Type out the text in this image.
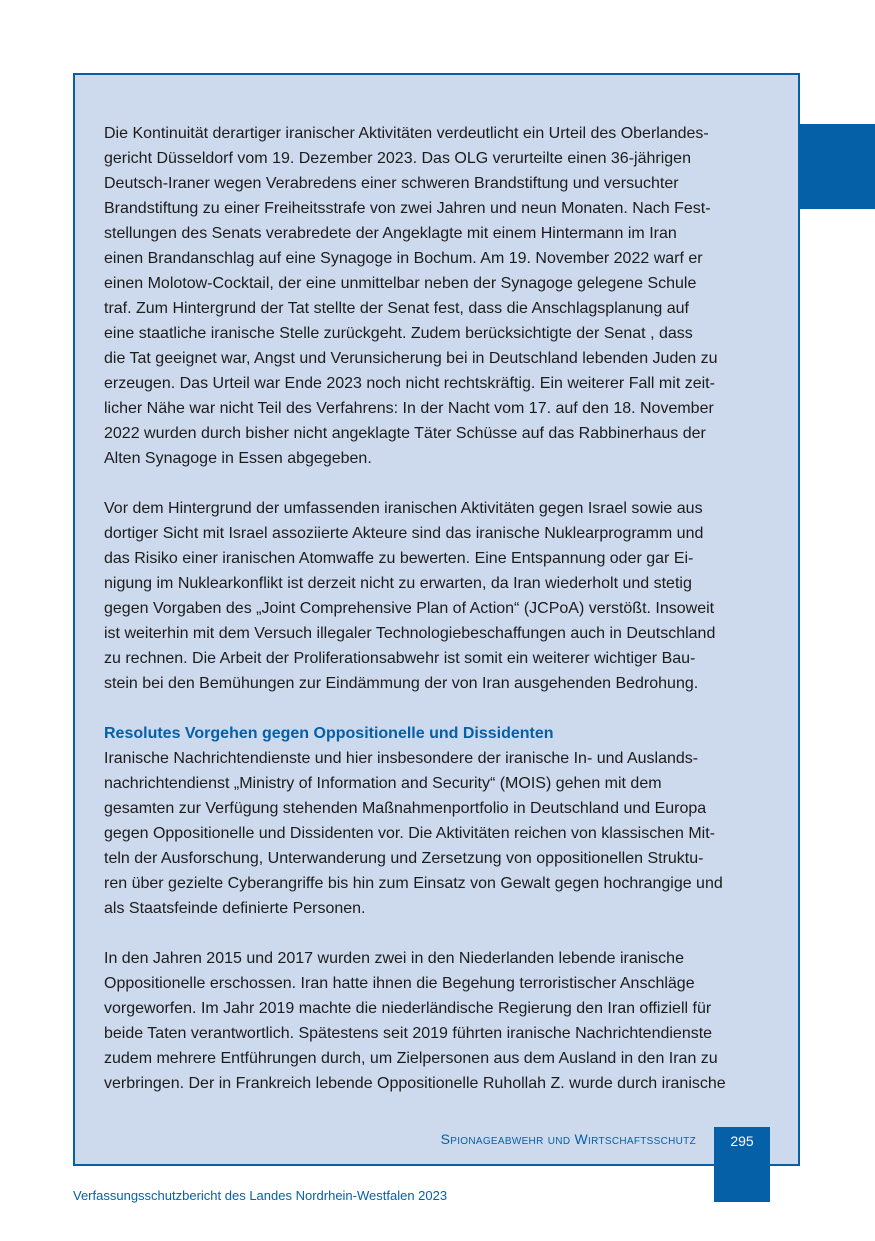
Die Kontinuität derartiger iranischer Aktivitäten verdeutlicht ein Urteil des Oberlandes-
gericht Düsseldorf vom 19. Dezember 2023. Das OLG verurteilte einen 36-jährigen
Deutsch-Iraner wegen Verabredens einer schweren Brandstiftung und versuchter
Brandstiftung zu einer Freiheitsstrafe von zwei Jahren und neun Monaten. Nach Fest-
stellungen des Senats verabredete der Angeklagte mit einem Hintermann im Iran
einen Brandanschlag auf eine Synagoge in Bochum. Am 19. November 2022 warf er
einen Molotow-Cocktail, der eine unmittelbar neben der Synagoge gelegene Schule
traf. Zum Hintergrund der Tat stellte der Senat fest, dass die Anschlagsplanung auf
eine staatliche iranische Stelle zurückgeht. Zudem berücksichtigte der Senat , dass
die Tat geeignet war, Angst und Verunsicherung bei in Deutschland lebenden Juden zu
erzeugen. Das Urteil war Ende 2023 noch nicht rechtskräftig. Ein weiterer Fall mit zeit-
licher Nähe war nicht Teil des Verfahrens: In der Nacht vom 17. auf den 18. November
2022 wurden durch bisher nicht angeklagte Täter Schüsse auf das Rabbinerhaus der
Alten Synagoge in Essen abgegeben.

Vor dem Hintergrund der umfassenden iranischen Aktivitäten gegen Israel sowie aus
dortiger Sicht mit Israel assoziierte Akteure sind das iranische Nuklearprogramm und
das Risiko einer iranischen Atomwaffe zu bewerten. Eine Entspannung oder gar Ei-
nigung im Nuklearkonflikt ist derzeit nicht zu erwarten, da Iran wiederholt und stetig
gegen Vorgaben des „Joint Comprehensive Plan of Action“ (JCPoA) verstößt. Insoweit
ist weiterhin mit dem Versuch illegaler Technologiebeschaffungen auch in Deutschland
zu rechnen. Die Arbeit der Proliferationsabwehr ist somit ein weiterer wichtiger Bau-
stein bei den Bemühungen zur Eindämmung der von Iran ausgehenden Bedrohung.

Resolutes Vorgehen gegen Oppositionelle und Dissidenten

Iranische Nachrichtendienste und hier insbesondere der iranische In- und Auslands-
nachrichtendienst „Ministry of Information and Security“ (MOIS) gehen mit dem
gesamten zur Verfügung stehenden Maßnahmenportfolio in Deutschland und Europa
gegen Oppositionelle und Dissidenten vor. Die Aktivitäten reichen von klassischen Mit-
teln der Ausforschung, Unterwanderung und Zersetzung von oppositionellen Struktu-
ren über gezielte Cyberangriffe bis hin zum Einsatz von Gewalt gegen hochrangige und
als Staatsfeinde definierte Personen.

In den Jahren 2015 und 2017 wurden zwei in den Niederlanden lebende iranische
Oppositionelle erschossen. Iran hatte ihnen die Begehung terroristischer Anschläge
vorgeworfen. Im Jahr 2019 machte die niederländische Regierung den Iran offiziell für
beide Taten verantwortlich. Spätestens seit 2019 führten iranische Nachrichtendienste
zudem mehrere Entführungen durch, um Zielpersonen aus dem Ausland in den Iran zu
verbringen. Der in Frankreich lebende Oppositionelle Ruhollah Z. wurde durch iranische

Spionageabwehr und Wirtschaftsschutz	295
Verfassungsschutzbericht des Landes Nordrhein-Westfalen 2023
